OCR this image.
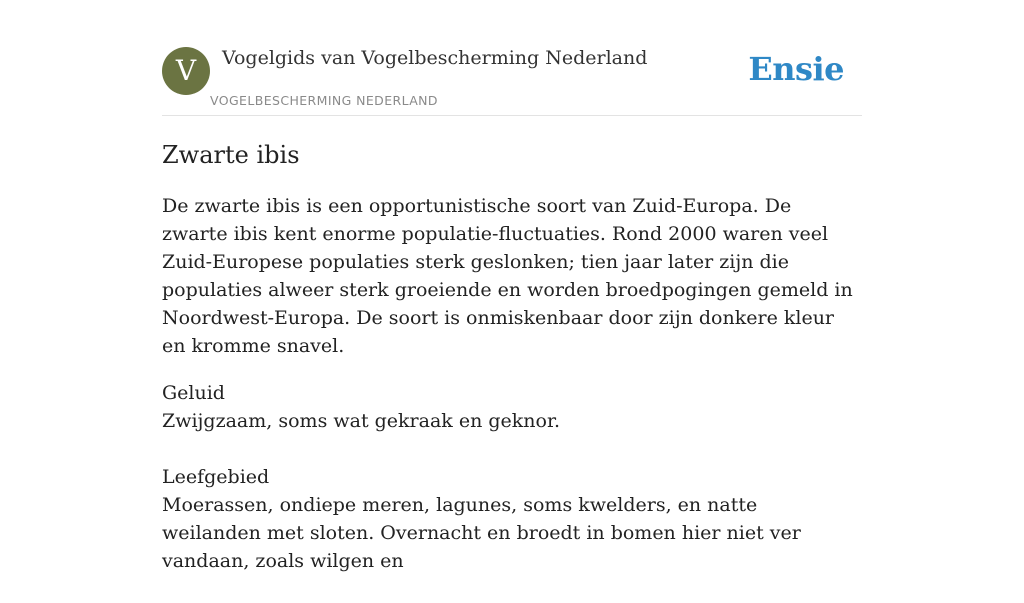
V	Vogelgids van Vogelbescherming Nederland
VOGELBESCHERMING NEDERLAND
Ensie
Zwarte ibis

De zwarte ibis is een opportunistische soort van Zuid-Europa. De zwarte ibis kent enorme populatie-fluctuaties. Rond 2000 waren veel Zuid-Europese populaties sterk geslonken; tien jaar later zijn die populaties alweer sterk groeiende en worden broedpogingen gemeld in Noordwest-Europa. De soort is onmiskenbaar door zijn donkere kleur en kromme snavel.

Geluid
Zwijgzaam, soms wat gekraak en geknor.
Leefgebied
Moerassen, ondiepe meren, lagunes, soms kwelders, en natte weilanden met sloten. Overnacht en broedt in bomen hier niet ver vandaan, zoals wilgen en
